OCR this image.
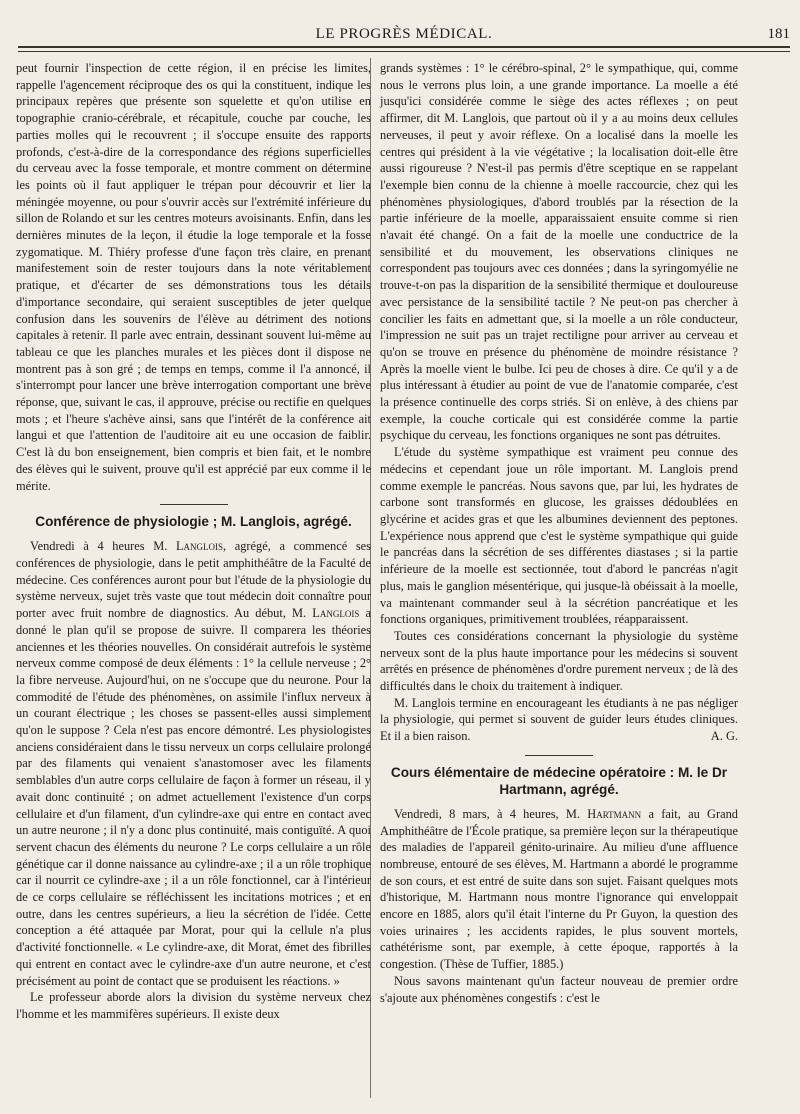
LE PROGRÈS MÉDICAL.	181

peut fournir l'inspection de cette région, il en précise les limites, rappelle l'agencement réciproque des os qui la constituent, indique les principaux repères que présente son squelette et qu'on utilise en topographie cranio-cérébrale, et récapitule, couche par couche, les parties molles qui le recouvrent ; il s'occupe ensuite des rapports profonds, c'est-à-dire de la correspondance des régions superficielles du cerveau avec la fosse temporale, et montre comment on détermine les points où il faut appliquer le trépan pour découvrir et lier la méningée moyenne, ou pour s'ouvrir accès sur l'extrémité inférieure du sillon de Rolando et sur les centres moteurs avoisinants. Enfin, dans les dernières minutes de la leçon, il étudie la loge temporale et la fosse zygomatique. M. Thiéry professe d'une façon très claire, en prenant manifestement soin de rester toujours dans la note véritablement pratique, et d'écarter de ses démonstrations tous les détails d'importance secondaire, qui seraient susceptibles de jeter quelque confusion dans les souvenirs de l'élève au détriment des notions capitales à retenir. Il parle avec entrain, dessinant souvent lui-même au tableau ce que les planches murales et les pièces dont il dispose ne montrent pas à son gré ; de temps en temps, comme il l'a annoncé, il s'interrompt pour lancer une brève interrogation comportant une brève réponse, que, suivant le cas, il approuve, précise ou rectifie en quelques mots ; et l'heure s'achève ainsi, sans que l'intérêt de la conférence ait langui et que l'attention de l'auditoire ait eu une occasion de faiblir. C'est là du bon enseignement, bien compris et bien fait, et le nombre des élèves qui le suivent, prouve qu'il est apprécié par eux comme il le mérite.

Conférence de physiologie ; M. Langlois, agrégé.

Vendredi à 4 heures M. Langlois, agrégé, a commencé ses conférences de physiologie, dans le petit amphithéâtre de la Faculté de médecine. Ces conférences auront pour but l'étude de la physiologie du système nerveux, sujet très vaste que tout médecin doit connaître pour porter avec fruit nombre de diagnostics. Au début, M. Langlois a donné le plan qu'il se propose de suivre. Il comparera les théories anciennes et les théories nouvelles. On considérait autrefois le système nerveux comme composé de deux éléments : 1° la cellule nerveuse ; 2° la fibre nerveuse. Aujourd'hui, on ne s'occupe que du neurone. Pour la commodité de l'étude des phénomènes, on assimile l'influx nerveux à un courant électrique ; les choses se passent-elles aussi simplement qu'on le suppose ? Cela n'est pas encore démontré. Les physiologistes anciens considéraient dans le tissu nerveux un corps cellulaire prolongé par des filaments qui venaient s'anastomoser avec les filaments semblables d'un autre corps cellulaire de façon à former un réseau, il y avait donc continuité ; on admet actuellement l'existence d'un corps cellulaire et d'un filament, d'un cylindre-axe qui entre en contact avec un autre neurone ; il n'y a donc plus continuité, mais contiguïté. A quoi servent chacun des éléments du neurone ? Le corps cellulaire a un rôle génétique car il donne naissance au cylindre-axe ; il a un rôle trophique car il nourrit ce cylindre-axe ; il a un rôle fonctionnel, car à l'intérieur de ce corps cellulaire se réfléchissent les incitations motrices ; et en outre, dans les centres supérieurs, a lieu la sécrétion de l'idée. Cette conception a été attaquée par Morat, pour qui la cellule n'a plus d'activité fonctionnelle. « Le cylindre-axe, dit Morat, émet des fibrilles qui entrent en contact avec le cylindre-axe d'un autre neurone, et c'est précisément au point de contact que se produisent les réactions. »

Le professeur aborde alors la division du système nerveux chez l'homme et les mammifères supérieurs. Il existe deux

grands systèmes : 1° le cérébro-spinal, 2° le sympathique, qui, comme nous le verrons plus loin, a une grande importance. La moelle a été jusqu'ici considérée comme le siège des actes réflexes ; on peut affirmer, dit M. Langlois, que partout où il y a au moins deux cellules nerveuses, il peut y avoir réflexe. On a localisé dans la moelle les centres qui président à la vie végétative ; la localisation doit-elle être aussi rigoureuse ? N'est-il pas permis d'être sceptique en se rappelant l'exemple bien connu de la chienne à moelle raccourcie, chez qui les phénomènes physiologiques, d'abord troublés par la résection de la partie inférieure de la moelle, apparaissaient ensuite comme si rien n'avait été changé. On a fait de la moelle une conductrice de la sensibilité et du mouvement, les observations cliniques ne correspondent pas toujours avec ces données ; dans la syringomyélie ne trouve-t-on pas la disparition de la sensibilité thermique et douloureuse avec persistance de la sensibilité tactile ? Ne peut-on pas chercher à concilier les faits en admettant que, si la moelle a un rôle conducteur, l'impression ne suit pas un trajet rectiligne pour arriver au cerveau et qu'on se trouve en présence du phénomène de moindre résistance ? Après la moelle vient le bulbe. Ici peu de choses à dire. Ce qu'il y a de plus intéressant à étudier au point de vue de l'anatomie comparée, c'est la présence continuelle des corps striés. Si on enlève, à des chiens par exemple, la couche corticale qui est considérée comme la partie psychique du cerveau, les fonctions organiques ne sont pas détruites.

L'étude du système sympathique est vraiment peu connue des médecins et cependant joue un rôle important. M. Langlois prend comme exemple le pancréas. Nous savons que, par lui, les hydrates de carbone sont transformés en glucose, les graisses dédoublées en glycérine et acides gras et que les albumines deviennent des peptones. L'expérience nous apprend que c'est le système sympathique qui guide le pancréas dans la sécrétion de ses différentes diastases ; si la partie inférieure de la moelle est sectionnée, tout d'abord le pancréas n'agit plus, mais le ganglion mésentérique, qui jusque-là obéissait à la moelle, va maintenant commander seul à la sécrétion pancréatique et les fonctions organiques, primitivement troublées, réapparaissent.

Toutes ces considérations concernant la physiologie du système nerveux sont de la plus haute importance pour les médecins si souvent arrêtés en présence de phénomènes d'ordre purement nerveux ; de là des difficultés dans le choix du traitement à indiquer.

M. Langlois termine en encourageant les étudiants à ne pas négliger la physiologie, qui permet si souvent de guider leurs études cliniques. Et il a bien raison.	A. G.

Cours élémentaire de médecine opératoire : M. le Dr Hartmann, agrégé.

Vendredi, 8 mars, à 4 heures, M. Hartmann a fait, au Grand Amphithéâtre de l'École pratique, sa première leçon sur la thérapeutique des maladies de l'appareil génito-urinaire. Au milieu d'une affluence nombreuse, entouré de ses élèves, M. Hartmann a abordé le programme de son cours, et est entré de suite dans son sujet. Faisant quelques mots d'historique, M. Hartmann nous montre l'ignorance qui enveloppait encore en 1885, alors qu'il était l'interne du Pr Guyon, la question des voies urinaires ; les accidents rapides, le plus souvent mortels, cathétérisme sont, par exemple, à cette époque, rapportés à la congestion. (Thèse de Tuffier, 1885.)

Nous savons maintenant qu'un facteur nouveau de premier ordre s'ajoute aux phénomènes congestifs : c'est le
